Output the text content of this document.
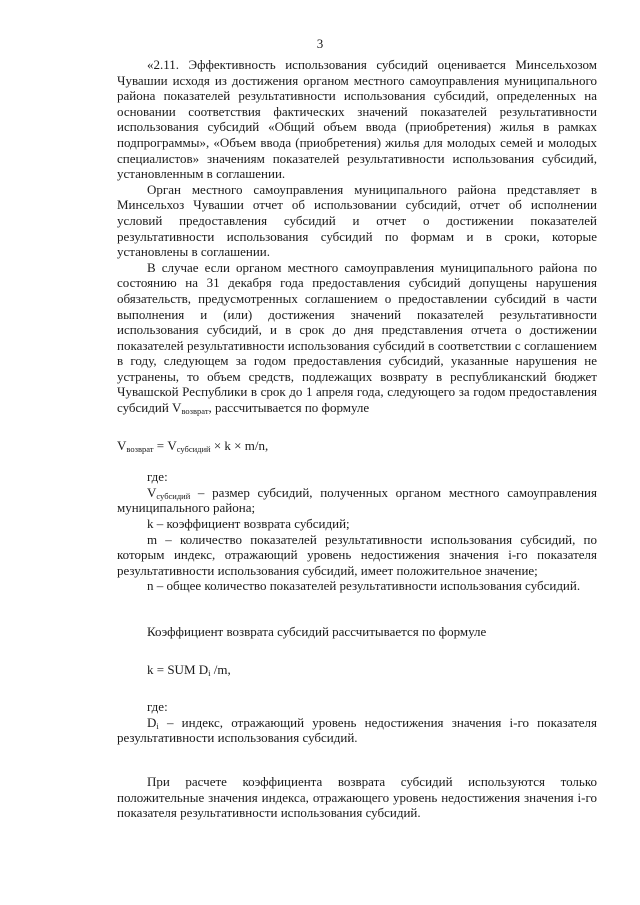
3

«2.11. Эффективность использования субсидий оценивается Минсельхозом Чувашии исходя из достижения органом местного самоуправления муниципального района показателей результативности использования субсидий, определенных на основании соответствия фактических значений показателей результативности использования субсидий «Общий объем ввода (приобретения) жилья в рамках подпрограммы», «Объем ввода (приобретения) жилья для молодых семей и молодых специалистов» значениям показателей результативности использования субсидий, установленным в соглашении.

Орган местного самоуправления муниципального района представляет в Минсельхоз Чувашии отчет об использовании субсидий, отчет об исполнении условий предоставления субсидий и отчет о достижении показателей результативности использования субсидий по формам и в сроки, которые установлены в соглашении.

В случае если органом местного самоуправления муниципального района по состоянию на 31 декабря года предоставления субсидий допущены нарушения обязательств, предусмотренных соглашением о предоставлении субсидий в части выполнения и (или) достижения значений показателей результативности использования субсидий, и в срок до дня представления отчета о достижении показателей результативности использования субсидий в соответствии с соглашением в году, следующем за годом предоставления субсидий, указанные нарушения не устранены, то объем средств, подлежащих возврату в республиканский бюджет Чувашской Республики в срок до 1 апреля года, следующего за годом предоставления субсидий $V_{возврат}$, рассчитывается по формуле

$V_{возврат} = V_{субсидий} \times k \times m/n$,

где:

$V_{субсидий}$ – размер субсидий, полученных органом местного самоуправления муниципального района;

k – коэффициент возврата субсидий;

m – количество показателей результативности использования субсидий, по которым индекс, отражающий уровень недостижения значения i-го показателя результативности использования субсидий, имеет положительное значение;

n – общее количество показателей результативности использования субсидий.

Коэффициент возврата субсидий рассчитывается по формуле

k = SUM $D_i$ /m,

где:

$D_i$ – индекс, отражающий уровень недостижения значения i-го показателя результативности использования субсидий.

При расчете коэффициента возврата субсидий используются только положительные значения индекса, отражающего уровень недостижения значения i-го показателя результативности использования субсидий.
